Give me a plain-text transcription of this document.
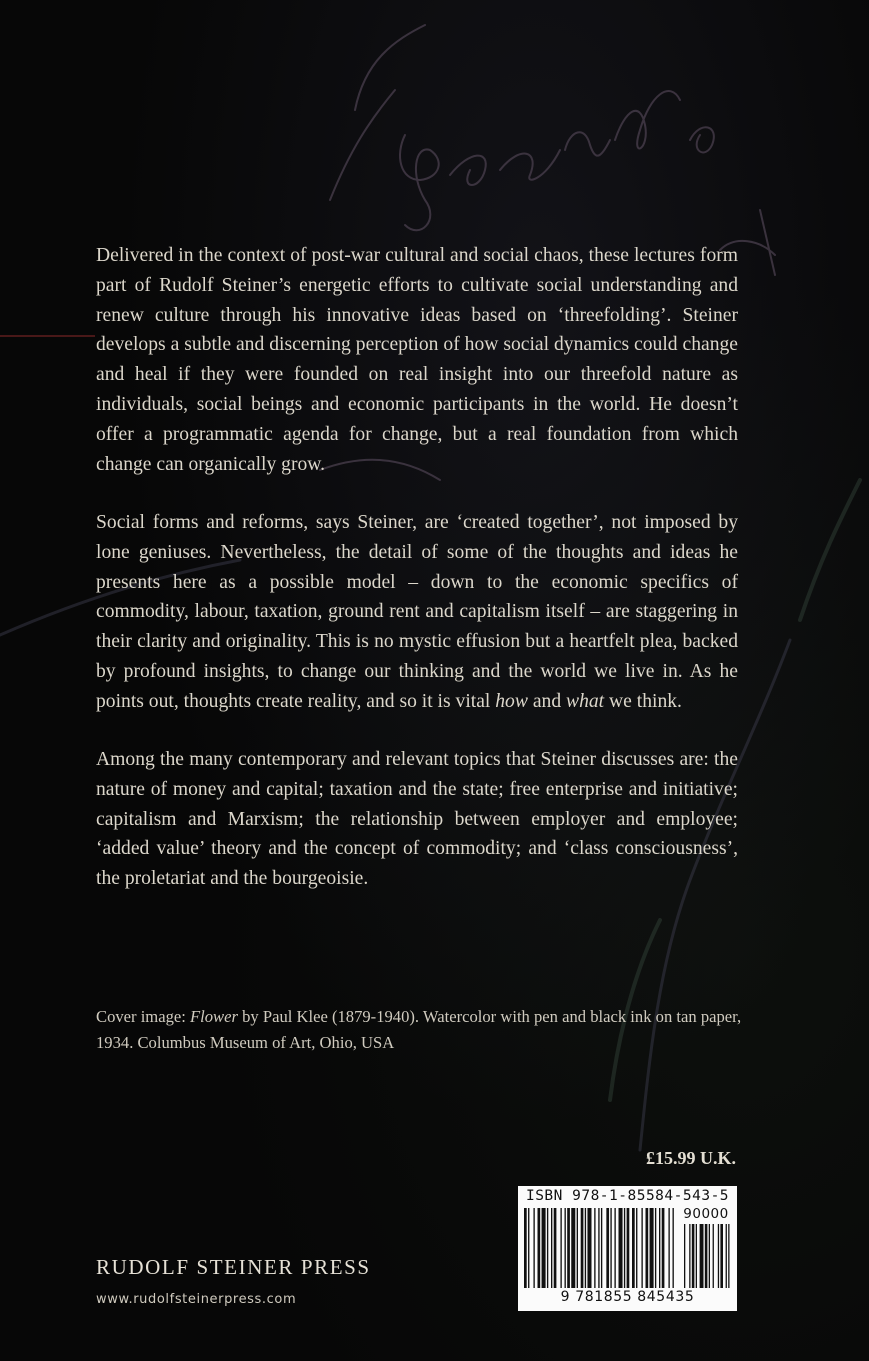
Delivered in the context of post-war cultural and social chaos, these lectures form part of Rudolf Steiner’s energetic efforts to cultivate social understanding and renew culture through his innovative ideas based on ‘threefolding’. Steiner develops a subtle and discerning perception of how social dynamics could change and heal if they were founded on real insight into our threefold nature as individuals, social beings and economic participants in the world. He doesn’t offer a programmatic agenda for change, but a real foundation from which change can organically grow.

Social forms and reforms, says Steiner, are ‘created together’, not imposed by lone geniuses. Nevertheless, the detail of some of the thoughts and ideas he presents here as a possible model – down to the economic specifics of commodity, labour, taxation, ground rent and capitalism itself – are staggering in their clarity and originality. This is no mystic effusion but a heartfelt plea, backed by profound insights, to change our thinking and the world we live in. As he points out, thoughts create reality, and so it is vital how and what we think.

Among the many contemporary and relevant topics that Steiner discusses are: the nature of money and capital; taxation and the state; free enterprise and initiative; capitalism and Marxism; the relationship between employer and employee; ‘added value’ theory and the concept of commodity; and ‘class consciousness’, the proletariat and the bourgeoisie.

Cover image: Flower by Paul Klee (1879-1940). Watercolor with pen and black ink on tan paper, 1934. Columbus Museum of Art, Ohio, USA

£15.99 U.K.
ISBN 978-1-85584-543-5
90000
9 781855 845435
RUDOLF STEINER PRESS
www.rudolfsteinerpress.com
